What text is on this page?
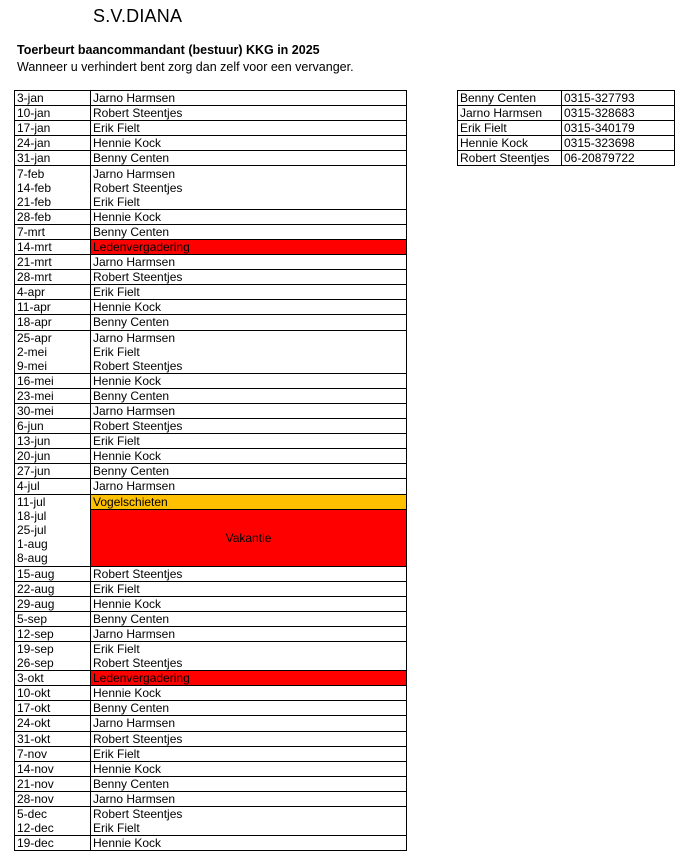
S.V.DIANA
Toerbeurt baancommandant (bestuur) KKG in 2025
Wanneer u verhindert bent zorg dan zelf voor een vervanger.
3-jan	Jarno Harmsen
10-jan	Robert Steentjes
17-jan	Erik Fielt
24-jan	Hennie Kock
31-jan	Benny Centen
7-feb	Jarno Harmsen
14-feb	Robert Steentjes
21-feb	Erik Fielt
28-feb	Hennie Kock
7-mrt	Benny Centen
14-mrt	Ledenvergadering
21-mrt	Jarno Harmsen
28-mrt	Robert Steentjes
4-apr	Erik Fielt
11-apr	Hennie Kock
18-apr	Benny Centen
25-apr	Jarno Harmsen
2-mei	Erik Fielt
9-mei	Robert Steentjes
16-mei	Hennie Kock
23-mei	Benny Centen
30-mei	Jarno Harmsen
6-jun	Robert Steentjes
13-jun	Erik Fielt
20-jun	Hennie Kock
27-jun	Benny Centen
4-jul	Jarno Harmsen
11-jul	Vogelschieten
18-jul	Vakantie
25-jul	
1-aug	
8-aug	
15-aug	Robert Steentjes
22-aug	Erik Fielt
29-aug	Hennie Kock
5-sep	Benny Centen
12-sep	Jarno Harmsen
19-sep	Erik Fielt
26-sep	Robert Steentjes
3-okt	Ledenvergadering
10-okt	Hennie Kock
17-okt	Benny Centen
24-okt	Jarno Harmsen
31-okt	Robert Steentjes
7-nov	Erik Fielt
14-nov	Hennie Kock
21-nov	Benny Centen
28-nov	Jarno Harmsen
5-dec	Robert Steentjes
12-dec	Erik Fielt
19-dec	Hennie Kock
Benny Centen	0315-327793
Jarno Harmsen	0315-328683
Erik Fielt	0315-340179
Hennie Kock	0315-323698
Robert Steentjes	06-20879722
